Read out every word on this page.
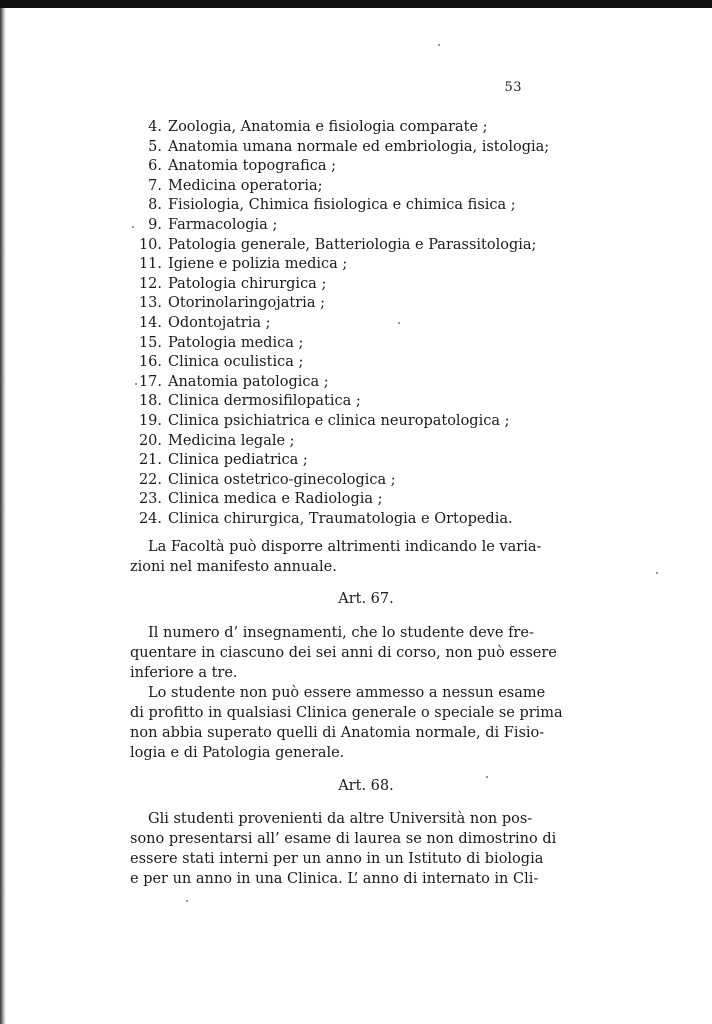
53
4. Zoologia, Anatomia e fisiologia comparate ;
5. Anatomia umana normale ed embriologia, istologia;
6. Anatomia topografica ;
7. Medicina operatoria;
8. Fisiologia, Chimica fisiologica e chimica fisica ;
9. Farmacologia ;
10. Patologia generale, Batteriologia e Parassitologia;
11. Igiene e polizia medica ;
12. Patologia chirurgica ;
13. Otorinolaringojatria ;
14. Odontojatria ;
15. Patologia medica ;
16. Clinica oculistica ;
17. Anatomia patologica ;
18. Clinica dermosifilopatica ;
19. Clinica psichiatrica e clinica neuropatologica ;
20. Medicina legale ;
21. Clinica pediatrica ;
22. Clinica ostetrico-ginecologica ;
23. Clinica medica e Radiologia ;
24. Clinica chirurgica, Traumatologia e Ortopedia.
La Facoltà può disporre altrimenti indicando le varia-
zioni nel manifesto annuale.
Art. 67.
Il numero d’ insegnamenti, che lo studente deve fre-
quentare in ciascuno dei sei anni di corso, non può essere
inferiore a tre.
Lo studente non può essere ammesso a nessun esame
di profitto in qualsiasi Clinica generale o speciale se prima
non abbia superato quelli di Anatomia normale, di Fisio-
logia e di Patologia generale.
Art. 68.
Gli studenti provenienti da altre Università non pos-
sono presentarsi all’ esame di laurea se non dimostrino di
essere stati interni per un anno in un Istituto di biologia
e per un anno in una Clinica. L’ anno di internato in Cli-
